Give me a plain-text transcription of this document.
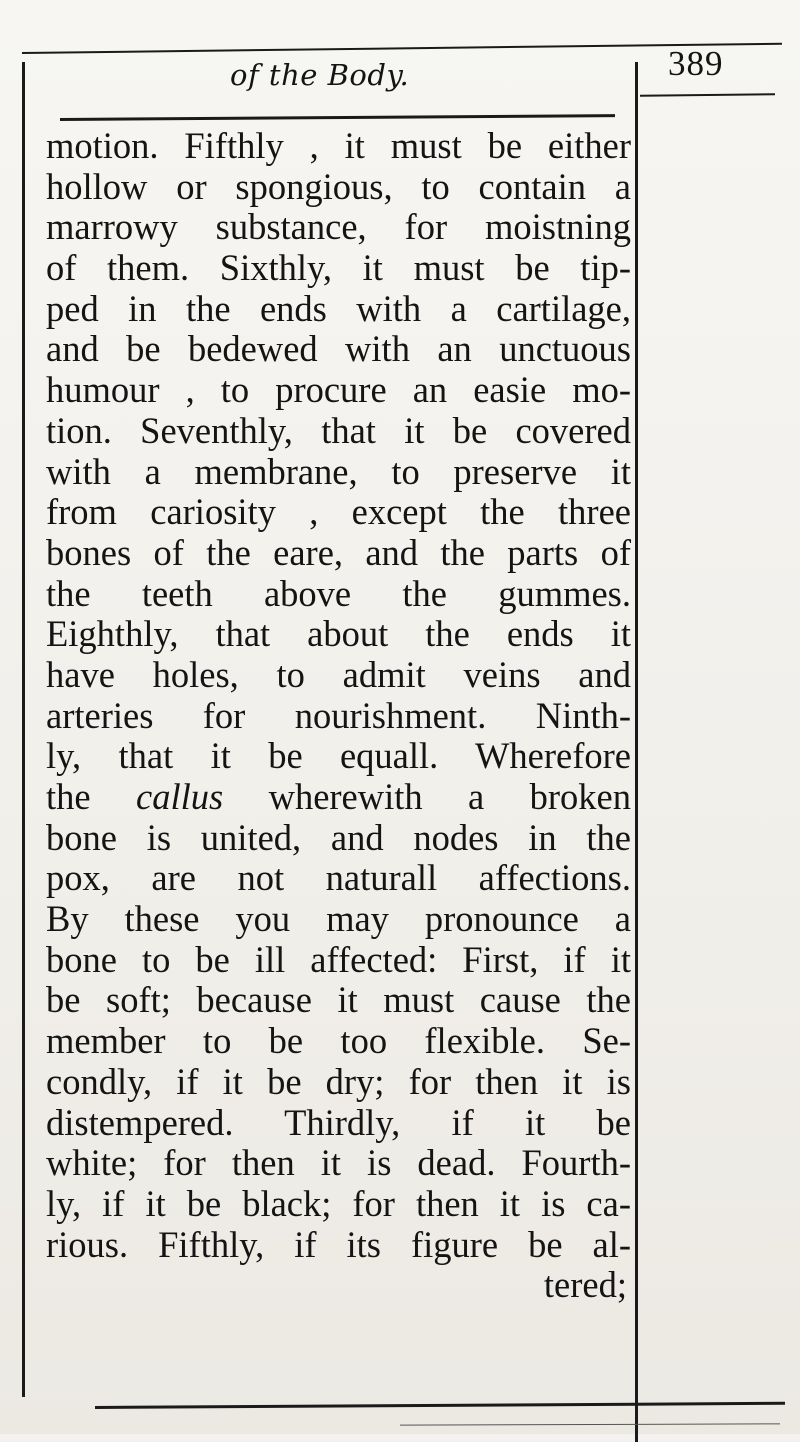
of the Body.	389
motion. Fifthly , it must be either
hollow or spongious, to contain a
marrowy substance, for moistning
of them. Sixthly, it must be tip-
ped in the ends with a cartilage,
and be bedewed with an unctuous
humour , to procure an easie mo-
tion. Seventhly, that it be covered
with a membrane, to preserve it
from cariosity , except the three
bones of the eare, and the parts of
the teeth above the gummes.
Eighthly, that about the ends it
have holes, to admit veins and
arteries for nourishment. Ninth-
ly, that it be equall. Wherefore
the callus wherewith a broken
bone is united, and nodes in the
pox, are not naturall affections.
By these you may pronounce a
bone to be ill affected: First, if it
be soft; because it must cause the
member to be too flexible. Se-
condly, if it be dry; for then it is
distempered. Thirdly, if it be
white; for then it is dead. Fourth-
ly, if it be black; for then it is ca-
rious. Fifthly, if its figure be al-
tered;
